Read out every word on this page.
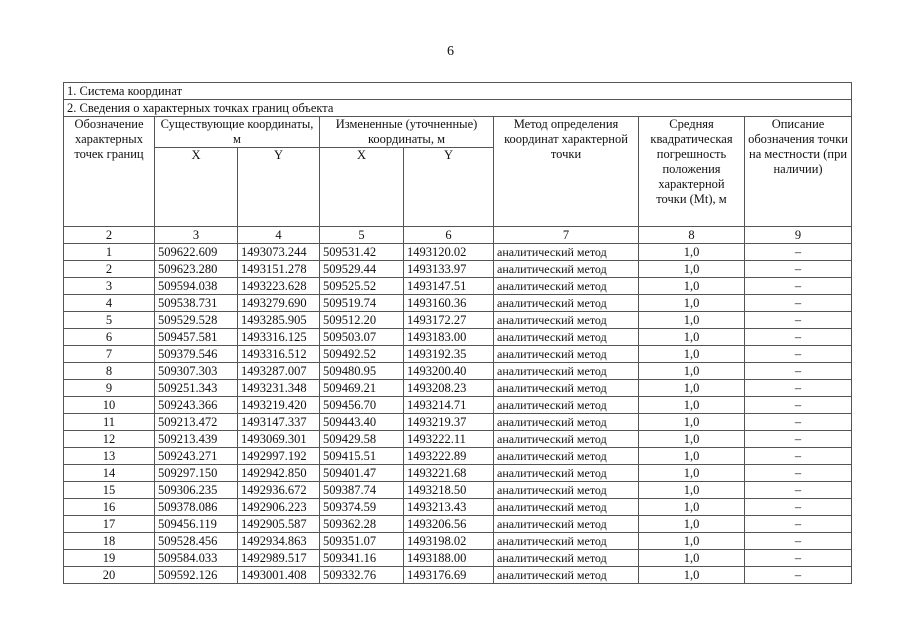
6
1. Система координат							
2. Сведения о характерных точках границ объекта							
Обозначение характерных точек границ	Существующие координаты, м		Измененные (уточненные) координаты, м		Метод определения координат характерной точки	Средняя квадратическая погрешность положения характерной точки (Mt), м	Описание обозначения точки на местности (при наличии)
	X	Y	X	Y			
2	3	4	5	6	7	8	9
1	509622.609	1493073.244	509531.42	1493120.02	аналитический метод	1,0	–
2	509623.280	1493151.278	509529.44	1493133.97	аналитический метод	1,0	–
3	509594.038	1493223.628	509525.52	1493147.51	аналитический метод	1,0	–
4	509538.731	1493279.690	509519.74	1493160.36	аналитический метод	1,0	–
5	509529.528	1493285.905	509512.20	1493172.27	аналитический метод	1,0	–
6	509457.581	1493316.125	509503.07	1493183.00	аналитический метод	1,0	–
7	509379.546	1493316.512	509492.52	1493192.35	аналитический метод	1,0	–
8	509307.303	1493287.007	509480.95	1493200.40	аналитический метод	1,0	–
9	509251.343	1493231.348	509469.21	1493208.23	аналитический метод	1,0	–
10	509243.366	1493219.420	509456.70	1493214.71	аналитический метод	1,0	–
11	509213.472	1493147.337	509443.40	1493219.37	аналитический метод	1,0	–
12	509213.439	1493069.301	509429.58	1493222.11	аналитический метод	1,0	–
13	509243.271	1492997.192	509415.51	1493222.89	аналитический метод	1,0	–
14	509297.150	1492942.850	509401.47	1493221.68	аналитический метод	1,0	–
15	509306.235	1492936.672	509387.74	1493218.50	аналитический метод	1,0	–
16	509378.086	1492906.223	509374.59	1493213.43	аналитический метод	1,0	–
17	509456.119	1492905.587	509362.28	1493206.56	аналитический метод	1,0	–
18	509528.456	1492934.863	509351.07	1493198.02	аналитический метод	1,0	–
19	509584.033	1492989.517	509341.16	1493188.00	аналитический метод	1,0	–
20	509592.126	1493001.408	509332.76	1493176.69	аналитический метод	1,0	–
